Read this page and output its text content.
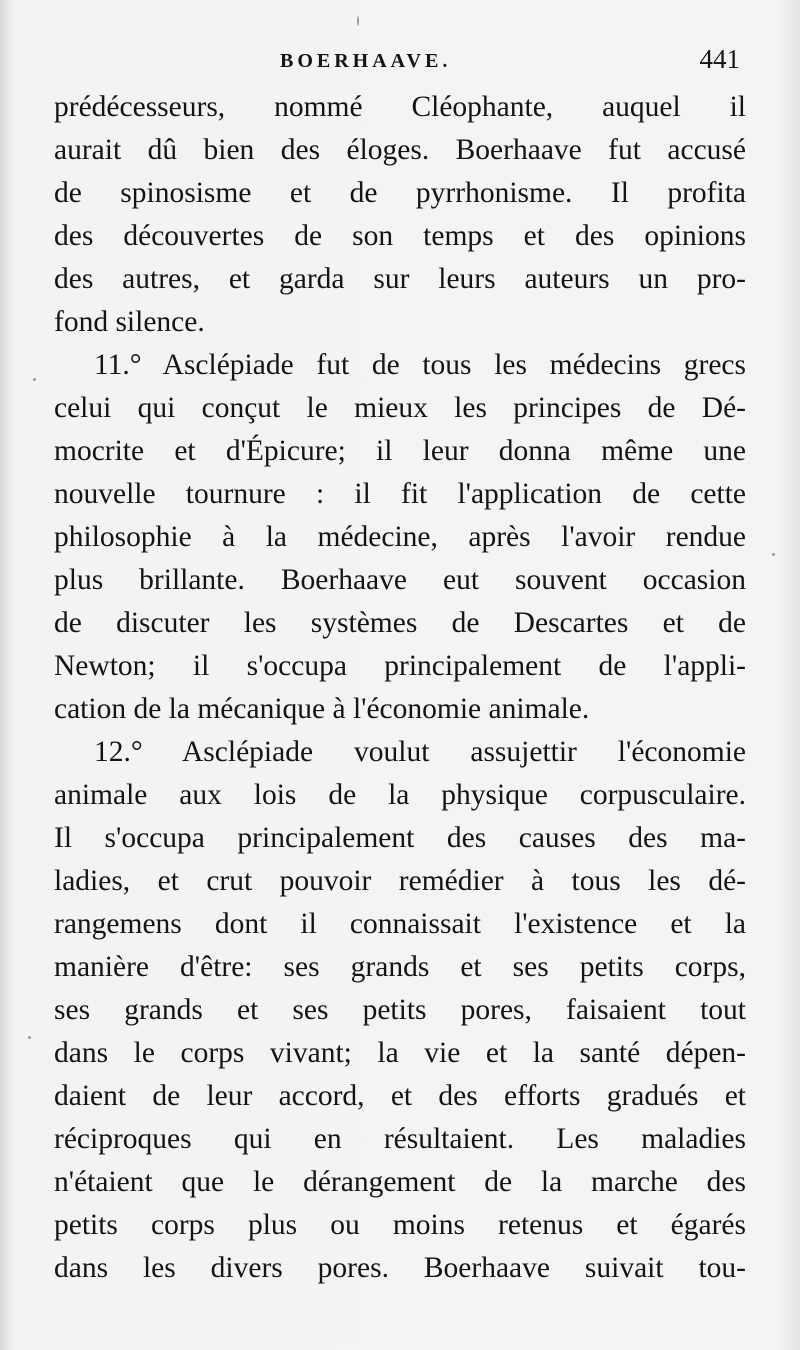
BOERHAAVE.	441
prédécesseurs, nommé Cléophante, auquel il
aurait dû bien des éloges. Boerhaave fut accusé
de spinosisme et de pyrrhonisme. Il profita
des découvertes de son temps et des opinions
des autres, et garda sur leurs auteurs un pro-
fond silence.
11.° Asclépiade fut de tous les médecins grecs
celui qui conçut le mieux les principes de Dé-
mocrite et d'Épicure; il leur donna même une
nouvelle tournure : il fit l'application de cette
philosophie à la médecine, après l'avoir rendue
plus brillante. Boerhaave eut souvent occasion
de discuter les systèmes de Descartes et de
Newton; il s'occupa principalement de l'appli-
cation de la mécanique à l'économie animale.
12.° Asclépiade voulut assujettir l'économie
animale aux lois de la physique corpusculaire.
Il s'occupa principalement des causes des ma-
ladies, et crut pouvoir remédier à tous les dé-
rangemens dont il connaissait l'existence et la
manière d'être: ses grands et ses petits corps,
ses grands et ses petits pores, faisaient tout
dans le corps vivant; la vie et la santé dépen-
daient de leur accord, et des efforts gradués et
réciproques qui en résultaient. Les maladies
n'étaient que le dérangement de la marche des
petits corps plus ou moins retenus et égarés
dans les divers pores. Boerhaave suivait tou-
